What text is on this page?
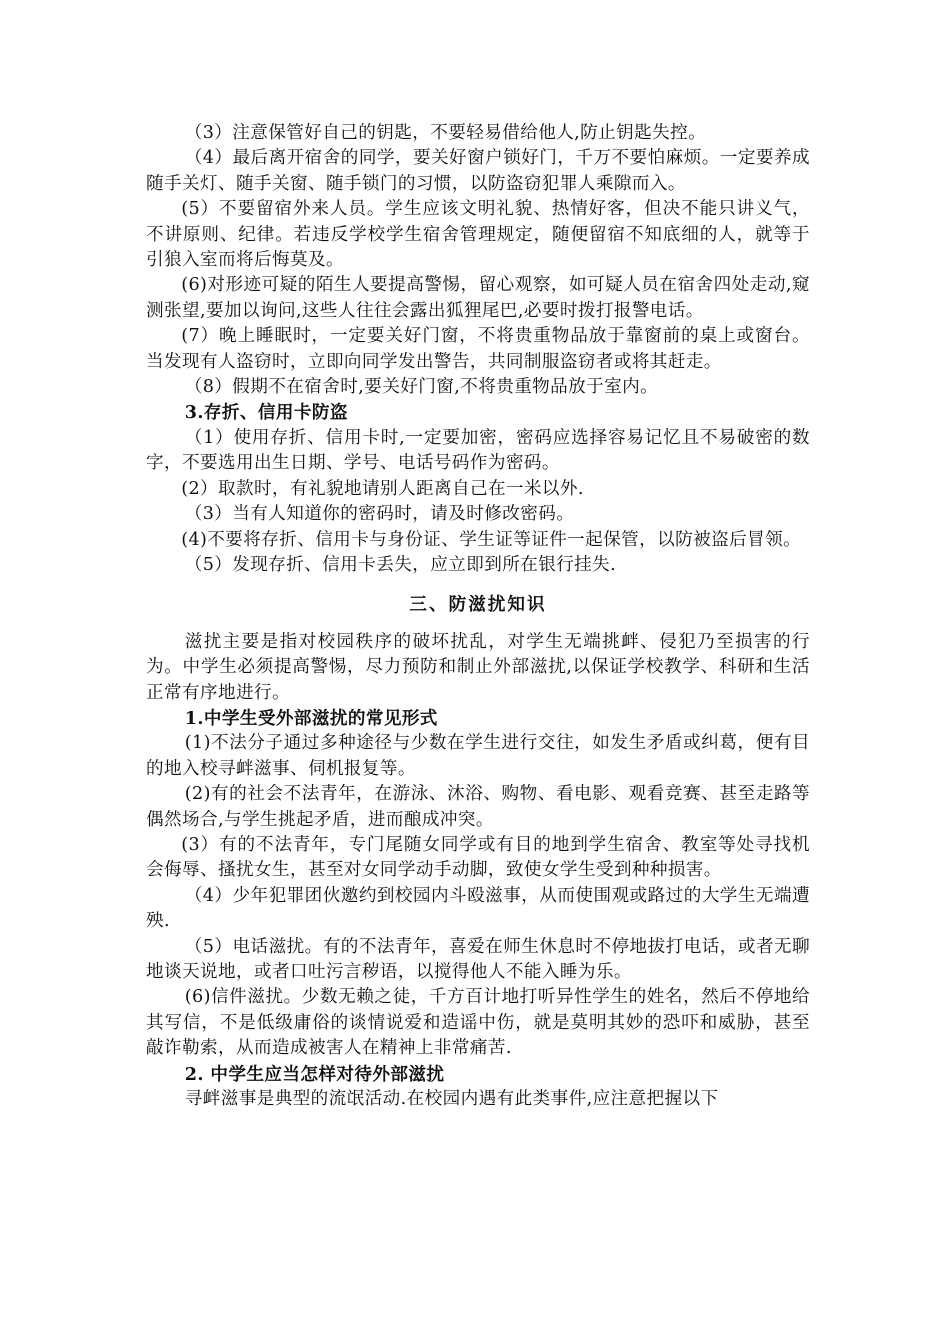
（3）注意保管好自己的钥匙，不要轻易借给他人,防止钥匙失控。

（4）最后离开宿舍的同学，要关好窗户锁好门，千万不要怕麻烦。一定要养成随手关灯、随手关窗、随手锁门的习惯，以防盗窃犯罪人乘隙而入。

(5）不要留宿外来人员。学生应该文明礼貌、热情好客，但决不能只讲义气，不讲原则、纪律。若违反学校学生宿舍管理规定，随便留宿不知底细的人，就等于引狼入室而将后悔莫及。

(6)对形迹可疑的陌生人要提高警惕，留心观察，如可疑人员在宿舍四处走动,窥测张望,要加以询问,这些人往往会露出狐狸尾巴,必要时拨打报警电话。

(7）晚上睡眠时，一定要关好门窗，不将贵重物品放于靠窗前的桌上或窗台。当发现有人盗窃时，立即向同学发出警告，共同制服盗窃者或将其赶走。

（8）假期不在宿舍时,要关好门窗,不将贵重物品放于室内。

3.存折、信用卡防盗

（1）使用存折、信用卡时,一定要加密，密码应选择容易记忆且不易破密的数字，不要选用出生日期、学号、电话号码作为密码。

(2）取款时，有礼貌地请别人距离自己在一米以外.

（3）当有人知道你的密码时，请及时修改密码。

(4)不要将存折、信用卡与身份证、学生证等证件一起保管，以防被盗后冒领。

（5）发现存折、信用卡丢失，应立即到所在银行挂失.

三、防滋扰知识

滋扰主要是指对校园秩序的破坏扰乱，对学生无端挑衅、侵犯乃至损害的行为。中学生必须提高警惕，尽力预防和制止外部滋扰,以保证学校教学、科研和生活正常有序地进行。

1.中学生受外部滋扰的常见形式

(1)不法分子通过多种途径与少数在学生进行交往，如发生矛盾或纠葛，便有目的地入校寻衅滋事、伺机报复等。

(2)有的社会不法青年，在游泳、沐浴、购物、看电影、观看竞赛、甚至走路等偶然场合,与学生挑起矛盾，进而酿成冲突。

(3）有的不法青年，专门尾随女同学或有目的地到学生宿舍、教室等处寻找机会侮辱、搔扰女生，甚至对女同学动手动脚，致使女学生受到种种损害。

（4）少年犯罪团伙邀约到校园内斗殴滋事，从而使围观或路过的大学生无端遭殃.

（5）电话滋扰。有的不法青年，喜爱在师生休息时不停地拔打电话，或者无聊地谈天说地，或者口吐污言秽语，以搅得他人不能入睡为乐。

(6)信件滋扰。少数无赖之徒，千方百计地打听异性学生的姓名，然后不停地给其写信，不是低级庸俗的谈情说爱和造谣中伤，就是莫明其妙的恐吓和威胁，甚至敲诈勒索，从而造成被害人在精神上非常痛苦.

2. 中学生应当怎样对待外部滋扰

寻衅滋事是典型的流氓活动.在校园内遇有此类事件,应注意把握以下
